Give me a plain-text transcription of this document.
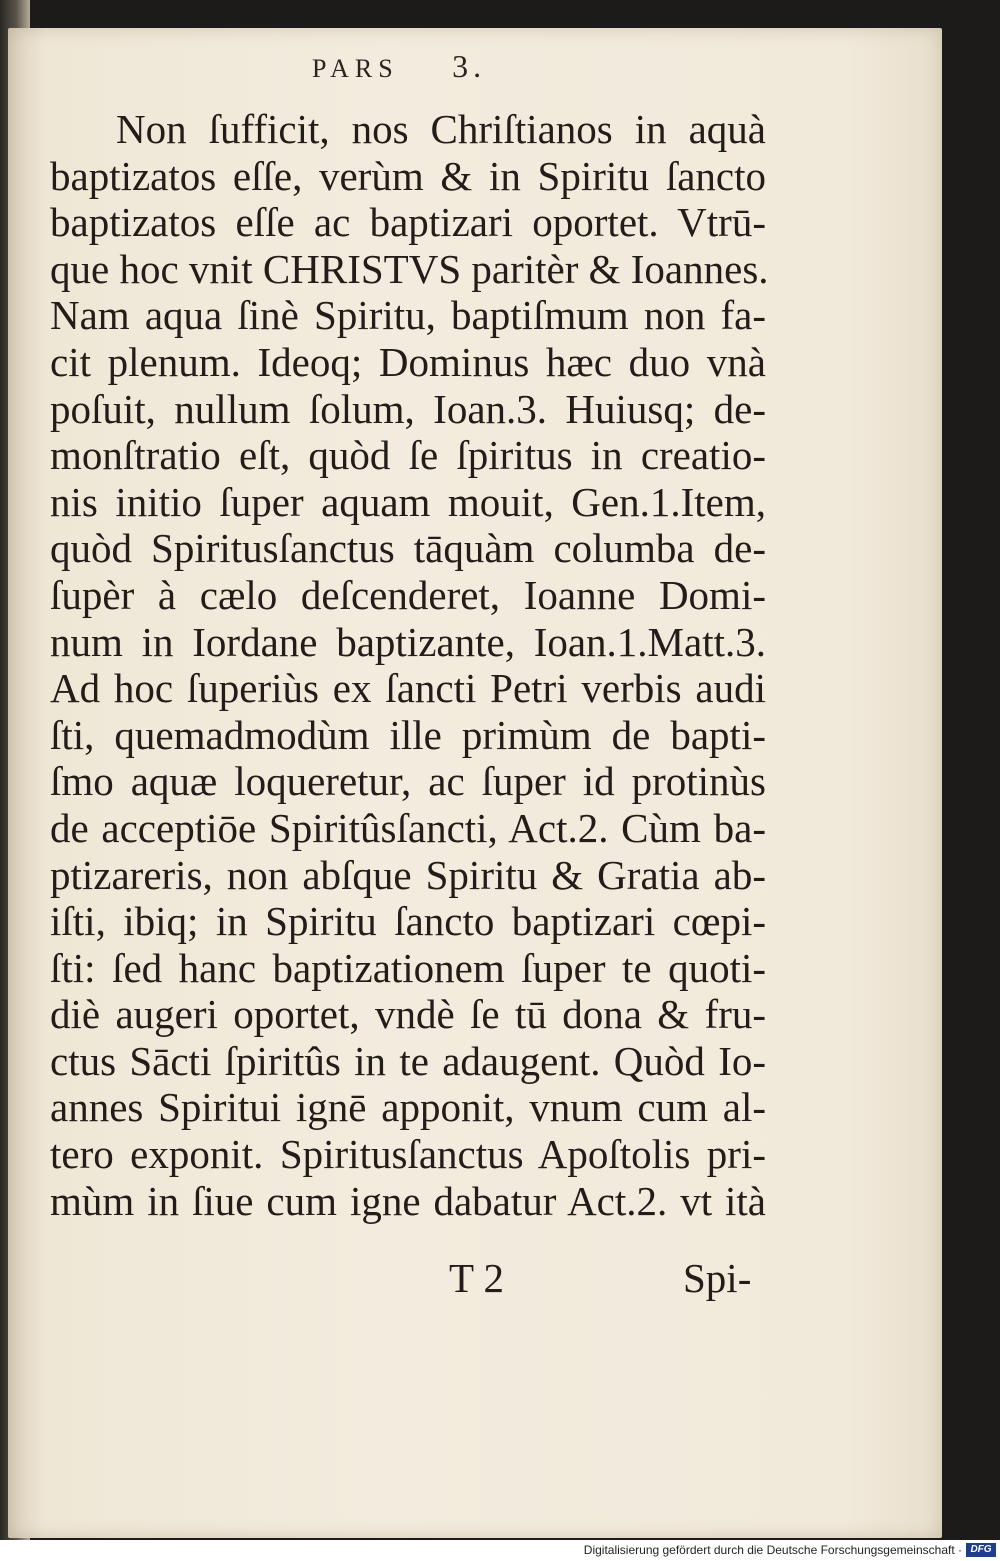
PARS 3.
Non ſufficit, nos Chriſtianos in aquà
baptizatos eſſe, verùm & in Spiritu ſancto
baptizatos eſſe ac baptizari oportet. Vtrū-
que hoc vnit CHRISTVS paritèr & Ioannes.
Nam aqua ſinè Spiritu, baptiſmum non fa-
cit plenum. Ideoq; Dominus hæc duo vnà
poſuit, nullum ſolum, Ioan.3. Huiusq; de-
monſtratio eſt, quòd ſe ſpiritus in creatio-
nis initio ſuper aquam mouit, Gen.1.Item,
quòd Spiritusſanctus tāquàm columba de-
ſupèr à cælo deſcenderet, Ioanne Domi-
num in Iordane baptizante, Ioan.1.Matt.3.
Ad hoc ſuperiùs ex ſancti Petri verbis audi
ſti, quemadmodùm ille primùm de bapti-
ſmo aquæ loqueretur, ac ſuper id protinùs
de acceptiōe Spiritûsſancti, Act.2. Cùm ba-
ptizareris, non abſque Spiritu & Gratia ab-
iſti, ibiq; in Spiritu ſancto baptizari cœpi-
ſti: ſed hanc baptizationem ſuper te quoti-
diè augeri oportet, vndè ſe tū dona & fru-
ctus Sācti ſpiritûs in te adaugent. Quòd Io-
annes Spiritui ignē apponit, vnum cum al-
tero exponit. Spiritusſanctus Apoſtolis pri-
mùm in ſiue cum igne dabatur Act.2. vt ità
T 2	Spi-
Digitalisierung gefördert durch die Deutsche Forschungsgemeinschaft · DFG
